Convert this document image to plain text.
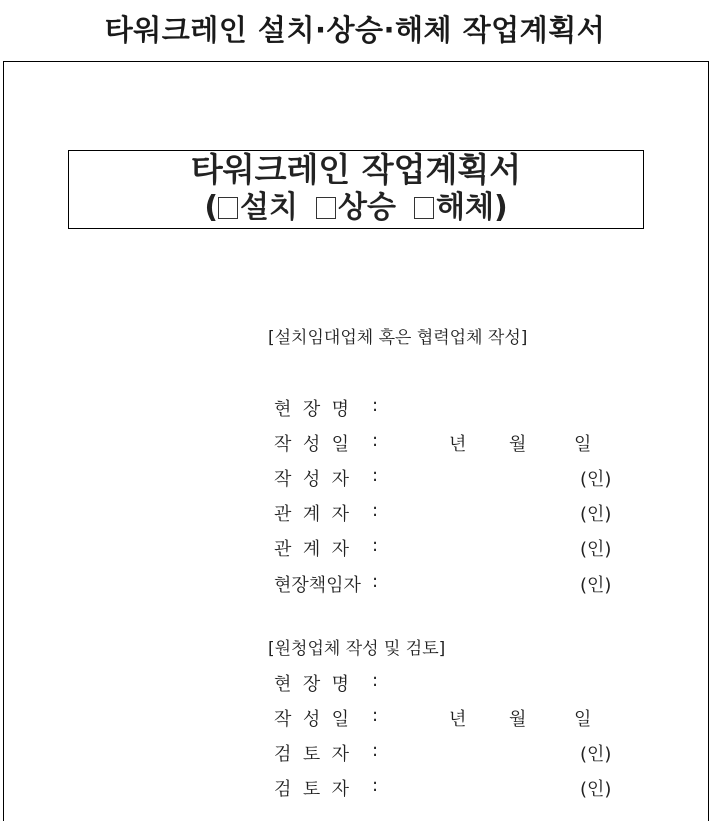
타워크레인 설치·상승·해체 작업계획서
타워크레인 작업계획서
( 설치 상승 해체)
[설치임대업체 혹은 협력업체 작성]
현  장  명 :
작  성  일 :	년 월	일
작  성  자 :	(인)
관  계  자 :	(인)
관  계  자 :	(인)
현장책임자 :	(인)
[원청업체 작성 및 검토]
현  장  명 :
작  성  일 :	년 월	일
검  토  자 :	(인)
검  토  자 :	(인)
